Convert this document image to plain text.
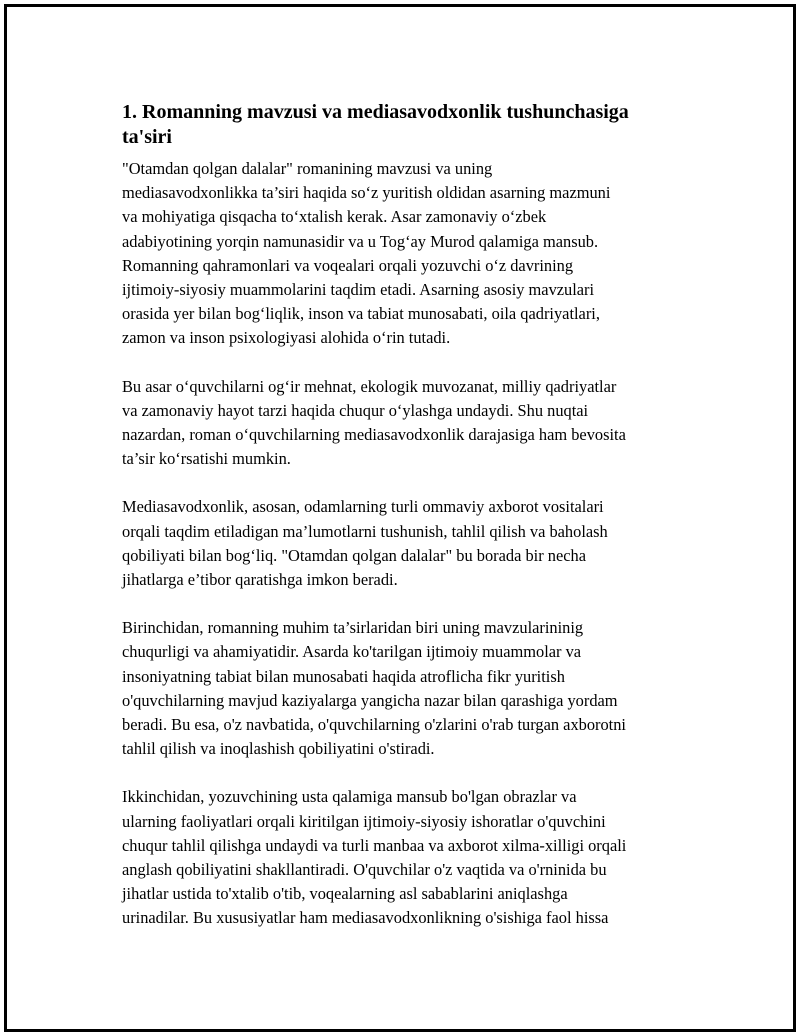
1. Romanning mavzusi va mediasavodxonlik tushunchasiga
ta'siri

"Otamdan qolgan dalalar" romanining mavzusi va uning
mediasavodxonlikka ta’siri haqida so‘z yuritish oldidan asarning mazmuni
va mohiyatiga qisqacha to‘xtalish kerak. Asar zamonaviy o‘zbek
adabiyotining yorqin namunasidir va u Tog‘ay Murod qalamiga mansub.
Romanning qahramonlari va voqealari orqali yozuvchi o‘z davrining
ijtimoiy-siyosiy muammolarini taqdim etadi. Asarning asosiy mavzulari
orasida yer bilan bog‘liqlik, inson va tabiat munosabati, oila qadriyatlari,
zamon va inson psixologiyasi alohida o‘rin tutadi.

Bu asar o‘quvchilarni og‘ir mehnat, ekologik muvozanat, milliy qadriyatlar
va zamonaviy hayot tarzi haqida chuqur o‘ylashga undaydi. Shu nuqtai
nazardan, roman o‘quvchilarning mediasavodxonlik darajasiga ham bevosita
ta’sir ko‘rsatishi mumkin.

Mediasavodxonlik, asosan, odamlarning turli ommaviy axborot vositalari
orqali taqdim etiladigan ma’lumotlarni tushunish, tahlil qilish va baholash
qobiliyati bilan bog‘liq. "Otamdan qolgan dalalar" bu borada bir necha
jihatlarga e’tibor qaratishga imkon beradi.

Birinchidan, romanning muhim ta’sirlaridan biri uning mavzularininig
chuqurligi va ahamiyatidir. Asarda ko'tarilgan ijtimoiy muammolar va
insoniyatning tabiat bilan munosabati haqida atroflicha fikr yuritish
o'quvchilarning mavjud kaziyalarga yangicha nazar bilan qarashiga yordam
beradi. Bu esa, o'z navbatida, o'quvchilarning o'zlarini o'rab turgan axborotni
tahlil qilish va inoqlashish qobiliyatini o'stiradi.

Ikkinchidan, yozuvchining usta qalamiga mansub bo'lgan obrazlar va
ularning faoliyatlari orqali kiritilgan ijtimoiy-siyosiy ishoratlar o'quvchini
chuqur tahlil qilishga undaydi va turli manbaa va axborot xilma-xilligi orqali
anglash qobiliyatini shakllantiradi. O'quvchilar o'z vaqtida va o'rninida bu
jihatlar ustida to'xtalib o'tib, voqealarning asl sabablarini aniqlashga
urinadilar. Bu xususiyatlar ham mediasavodxonlikning o'sishiga faol hissa
